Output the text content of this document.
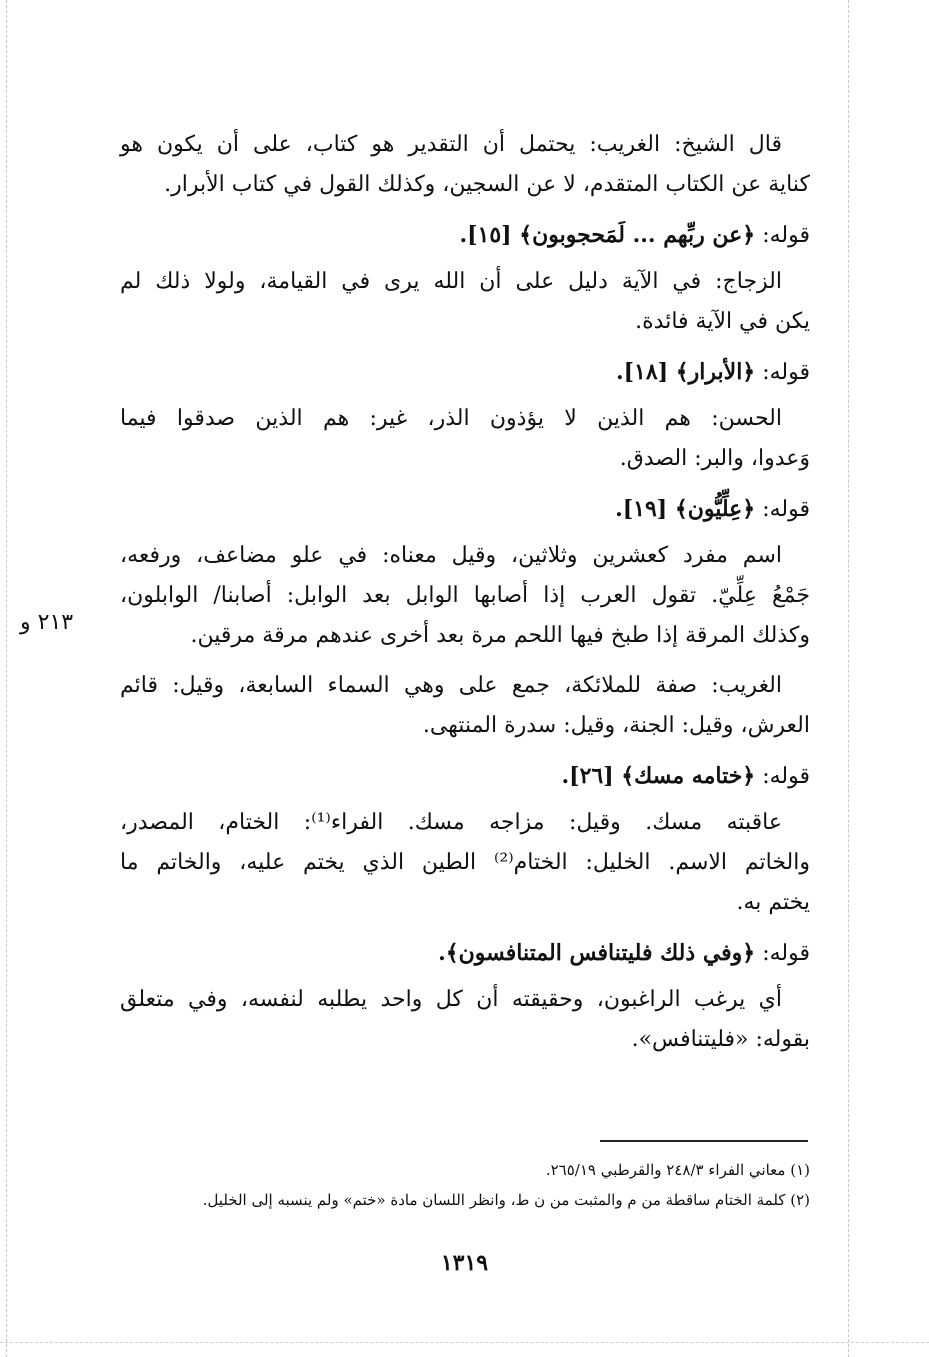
قال الشيخ: الغريب: يحتمل أن التقدير هو كتاب، على أن يكون هو

كناية عن الكتاب المتقدم، لا عن السجين، وكذلك القول في كتاب الأبرار.

قوله: ﴿عن ربِّهم ... لَمَحجوبون﴾ [١٥].

الزجاج: في الآية دليل على أن الله يرى في القيامة، ولولا ذلك لم

يكن في الآية فائدة.

قوله: ﴿الأبرار﴾ [١٨].

الحسن: هم الذين لا يؤذون الذر، غير: هم الذين صدقوا فيما

وَعدوا، والبر: الصدق.

قوله: ﴿عِلِّيُّون﴾ [١٩].

اسم مفرد كعشرين وثلاثين، وقيل معناه: في علو مضاعف، ورفعه،

جَمْعُ عِلِّيّ. تقول العرب إذا أصابها الوابل بعد الوابل: أصابنا/ الوابلون،

وكذلك المرقة إذا طبخ فيها اللحم مرة بعد أخرى عندهم مرقة مرقين.

الغريب: صفة للملائكة، جمع على وهي السماء السابعة، وقيل: قائم

العرش، وقيل: الجنة، وقيل: سدرة المنتهى.

قوله: ﴿ختامه مسك﴾ [٢٦].

عاقبته مسك. وقيل: مزاجه مسك. الفراء⁽¹⁾: الختام، المصدر،

والخاتم الاسم. الخليل: الختام⁽²⁾ الطين الذي يختم عليه، والخاتم ما

يختم به.

قوله: ﴿وفي ذلك فليتنافس المتنافسون﴾.

أي يرغب الراغبون، وحقيقته أن كل واحد يطلبه لنفسه، وفي متعلق

بقوله: «فليتنافس».

٢١٣ و
(١) معاني الفراء ٢٤٨/٣ والقرطبي ٢٦٥/١٩.
(٢) كلمة الختام ساقطة من م والمثبت من ن ط، وانظر اللسان مادة «ختم» ولم ينسبه إلى الخليل.
١٣١٩
